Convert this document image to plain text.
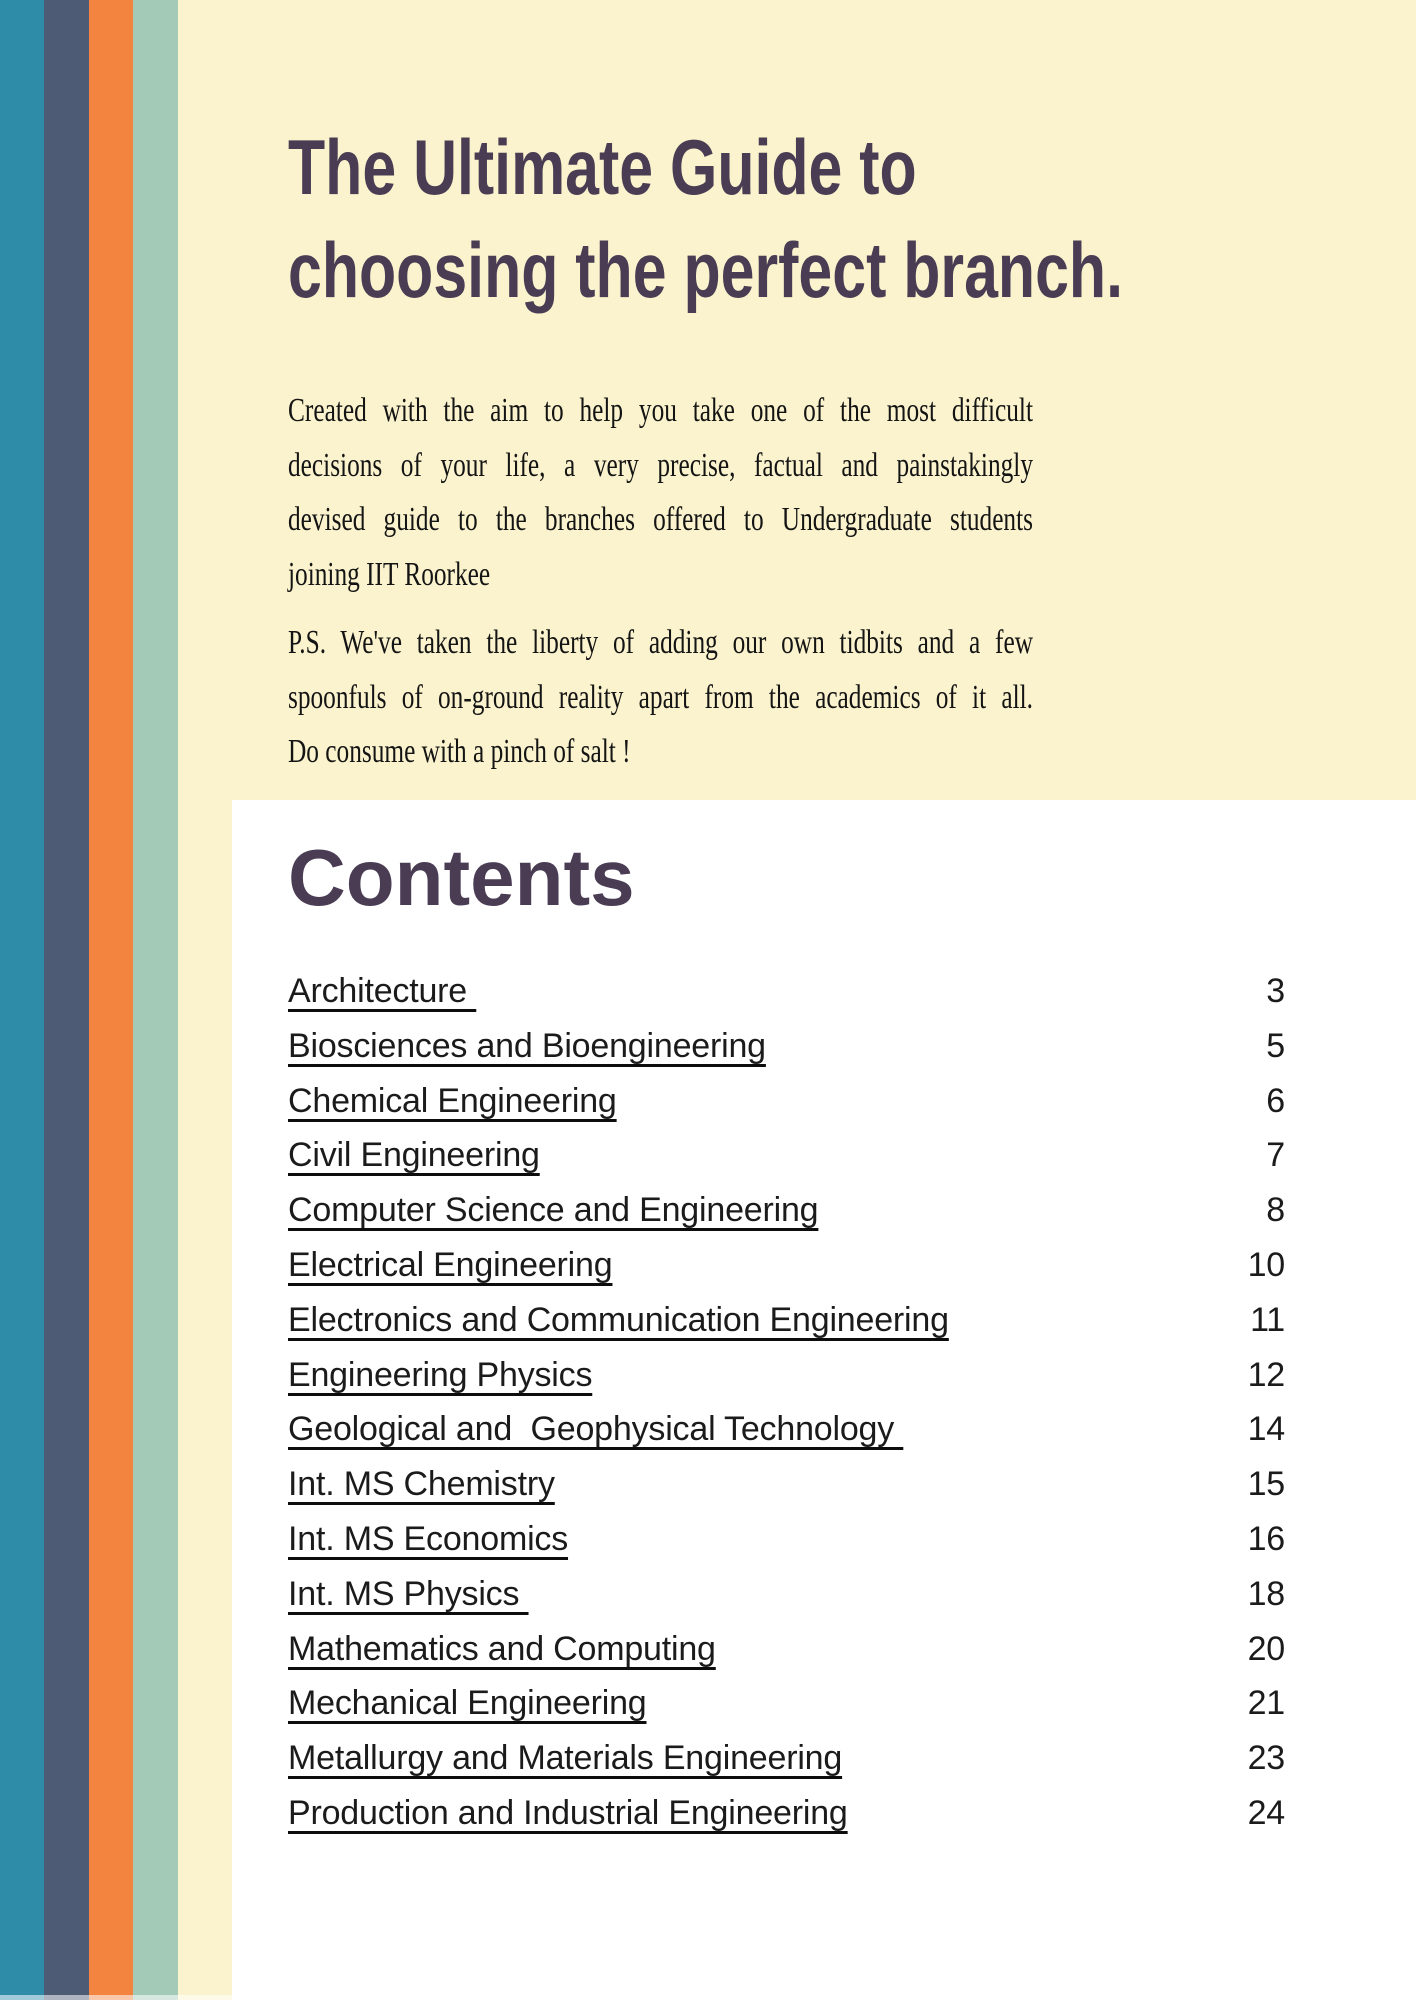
The Ultimate Guide to
choosing the perfect branch.
Created with the aim to help you take one of the most difficult
decisions of your life, a very precise, factual and painstakingly
devised guide to the branches offered to Undergraduate students
joining IIT Roorkee
P.S. We've taken the liberty of adding our own tidbits and a few
spoonfuls of on-ground reality apart from the academics of it all.
Do consume with a pinch of salt !
Contents
Architecture	3
Biosciences and Bioengineering	5
Chemical Engineering	6
Civil Engineering	7
Computer Science and Engineering	8
Electrical Engineering	10
Electronics and Communication Engineering	11
Engineering Physics	12
Geological and  Geophysical Technology	14
Int. MS Chemistry	15
Int. MS Economics	16
Int. MS Physics	18
Mathematics and Computing	20
Mechanical Engineering	21
Metallurgy and Materials Engineering	23
Production and Industrial Engineering	24
